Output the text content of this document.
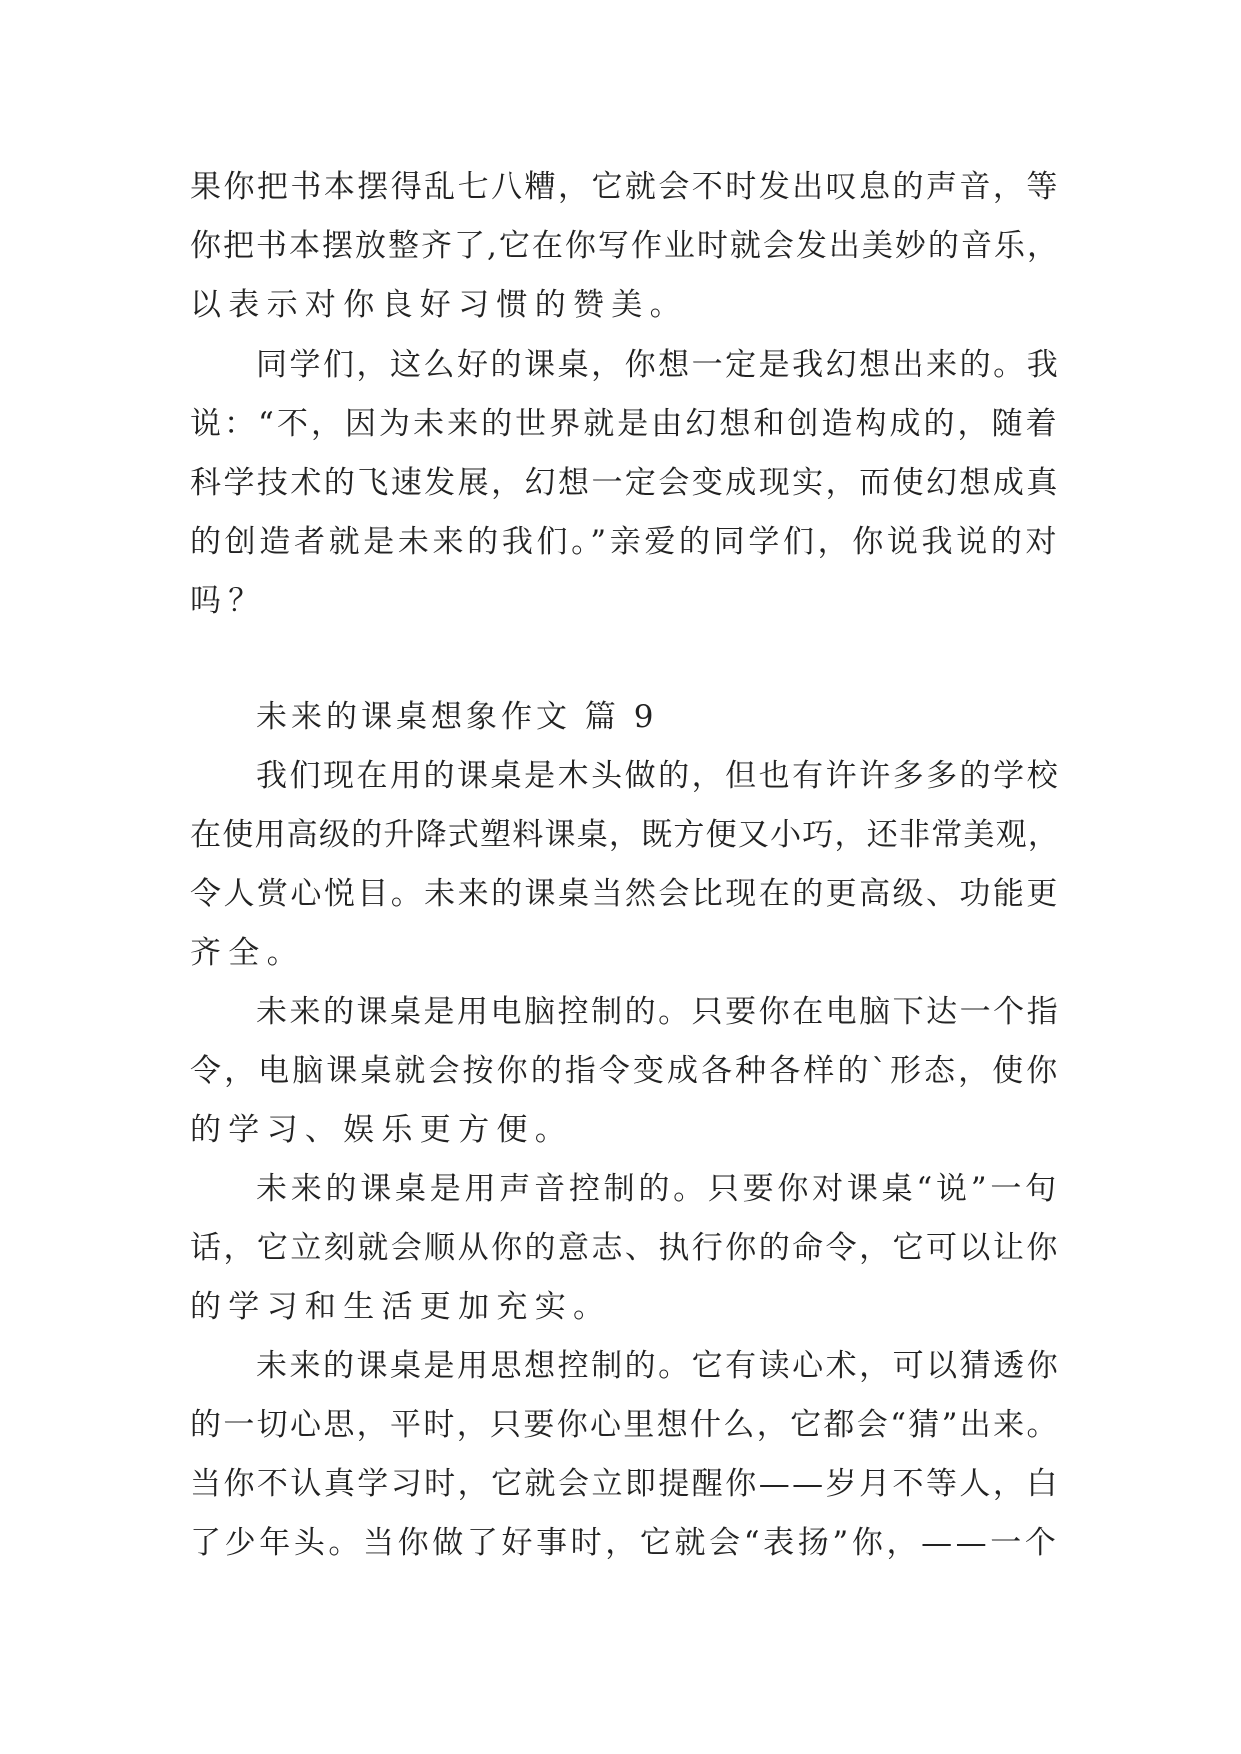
果你把书本摆得乱七八糟，它就会不时发出叹息的声音，等
你把书本摆放整齐了,它在你写作业时就会发出美妙的音乐，
以表示对你良好习惯的赞美。
同学们，这么好的课桌，你想一定是我幻想出来的。我
说：“不，因为未来的世界就是由幻想和创造构成的，随着
科学技术的飞速发展，幻想一定会变成现实，而使幻想成真
的创造者就是未来的我们。”亲爱的同学们，你说我说的对
吗？
未来的课桌想象作文 篇 9
我们现在用的课桌是木头做的，但也有许许多多的学校
在使用高级的升降式塑料课桌，既方便又小巧，还非常美观，
令人赏心悦目。未来的课桌当然会比现在的更高级、功能更
齐全。
未来的课桌是用电脑控制的。只要你在电脑下达一个指
令，电脑课桌就会按你的指令变成各种各样的`形态，使你
的学习、娱乐更方便。
未来的课桌是用声音控制的。只要你对课桌“说”一句
话，它立刻就会顺从你的意志、执行你的命令，它可以让你
的学习和生活更加充实。
未来的课桌是用思想控制的。它有读心术，可以猜透你
的一切心思，平时，只要你心里想什么，它都会“猜”出来。
当你不认真学习时，它就会立即提醒你——岁月不等人，白
了少年头。当你做了好事时，它就会“表扬”你，——一个
